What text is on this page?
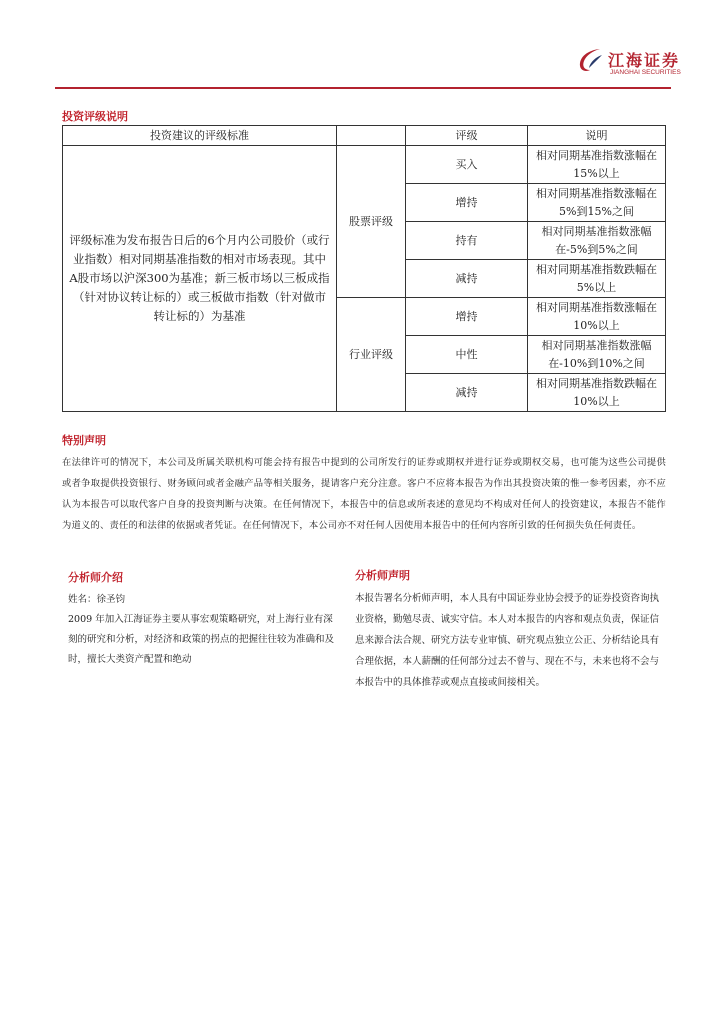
江海证券
JIANGHAI SECURITIES
投资评级说明
投资建议的评级标准		评级	说明
评级标准为发布报告日后的6个月内公司股价（或行业指数）相对同期基准指数的相对市场表现。其中A股市场以沪深300为基准；新三板市场以三板成指（针对协议转让标的）或三板做市指数（针对做市转让标的）为基准	股票评级	买入	相对同期基准指数涨幅在15%以上
		增持	相对同期基准指数涨幅在5%到15%之间
		持有	相对同期基准指数涨幅在-5%到5%之间
		减持	相对同期基准指数跌幅在5%以上
	行业评级	增持	相对同期基准指数涨幅在10%以上
		中性	相对同期基准指数涨幅在-10%到10%之间
		减持	相对同期基准指数跌幅在10%以上
特别声明
在法律许可的情况下，本公司及所属关联机构可能会持有报告中提到的公司所发行的证券或期权并进行证券或期权交易，也可能为这些公司提供或者争取提供投资银行、财务顾问或者金融产品等相关服务，提请客户充分注意。客户不应将本报告为作出其投资决策的惟一参考因素，亦不应认为本报告可以取代客户自身的投资判断与决策。在任何情况下，本报告中的信息或所表述的意见均不构成对任何人的投资建议，本报告不能作为道义的、责任的和法律的依据或者凭证。在任何情况下，本公司亦不对任何人因使用本报告中的任何内容所引致的任何损失负任何责任。
分析师介绍

姓名：徐圣钧

2009 年加入江海证券主要从事宏观策略研究，对上海行业有深刻的研究和分析，对经济和政策的拐点的把握往往较为准确和及时，擅长大类资产配置和绝动

分析师声明

本报告署名分析师声明，本人具有中国证券业协会授予的证券投资咨询执业资格，勤勉尽责、诚实守信。本人对本报告的内容和观点负责，保证信息来源合法合规、研究方法专业审慎、研究观点独立公正、分析结论具有合理依据，本人薪酬的任何部分过去不曾与、现在不与，未来也将不会与本报告中的具体推荐或观点直接或间接相关。
